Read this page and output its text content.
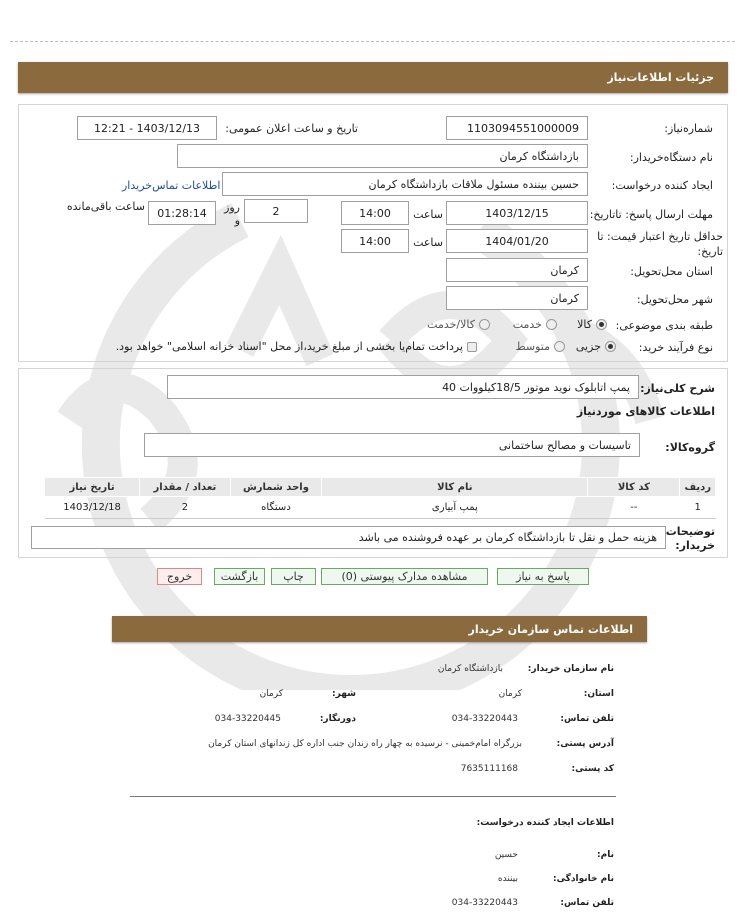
جزئیات اطلاعات‌نیاز
شماره‌نیاز:
1103094551000009
تاریخ و ساعت اعلان عمومی:
1403/12/13 - 12:21
نام دستگاه‌خریدار:
بازداشتگاه کرمان
ایجاد کننده درخواست:
حسین بیننده مسئول ملاقات بازداشتگاه کرمان
اطلاعات تماس‌خریدار
مهلت ارسال پاسخ: تاتاریخ:
1403/12/15
ساعت
14:00
2
روز و
01:28:14
ساعت باقی‌مانده
حداقل تاریخ اعتبار قیمت: تا تاریخ:
1404/01/20
ساعت
14:00
استان محل‌تحویل:
کرمان
شهر محل‌تحویل:
کرمان
طبقه بندی موضوعی:
کالا
خدمت
کالا/خدمت
نوع فرآیند خرید:
جزیی
متوسط
پرداخت تمام‌یا بخشی از مبلغ خرید،از محل "اسناد خزانه اسلامی" خواهد بود.
شرح کلی‌نیاز:
پمپ اتابلوک نوید موتور 18/5کیلووات 40
اطلاعات کالاهای موردنیاز
گروه‌کالا:
تاسیسات و مصالح ساختمانی
ردیف	کد کالا	نام کالا	واحد شمارش	تعداد / مقدار	تاریخ نیاز
1	--	پمپ آبیاری	دستگاه	2	1403/12/18
توضیحات خریدار:
هزینه حمل و نقل تا بازداشتگاه کرمان بر عهده فروشنده می باشد
پاسخ به نیاز
مشاهده مدارک پیوستی (0)
چاپ
بازگشت
خروج
اطلاعات تماس سازمان خریدار
نام سازمان خریدار:
بازداشتگاه کرمان
استان:
کرمان
شهر:
کرمان
تلفن تماس:
034-33220443
دورنگار:
034-33220445
آدرس پستی:
بزرگراه امام‌خمینی - نرسیده به چهار راه زندان جنب اداره کل زندانهای استان کرمان
کد پستی:
7635111168
اطلاعات ایجاد کننده درخواست:
نام:
حسین
نام خانوادگی:
بیننده
تلفن تماس:
034-33220443
